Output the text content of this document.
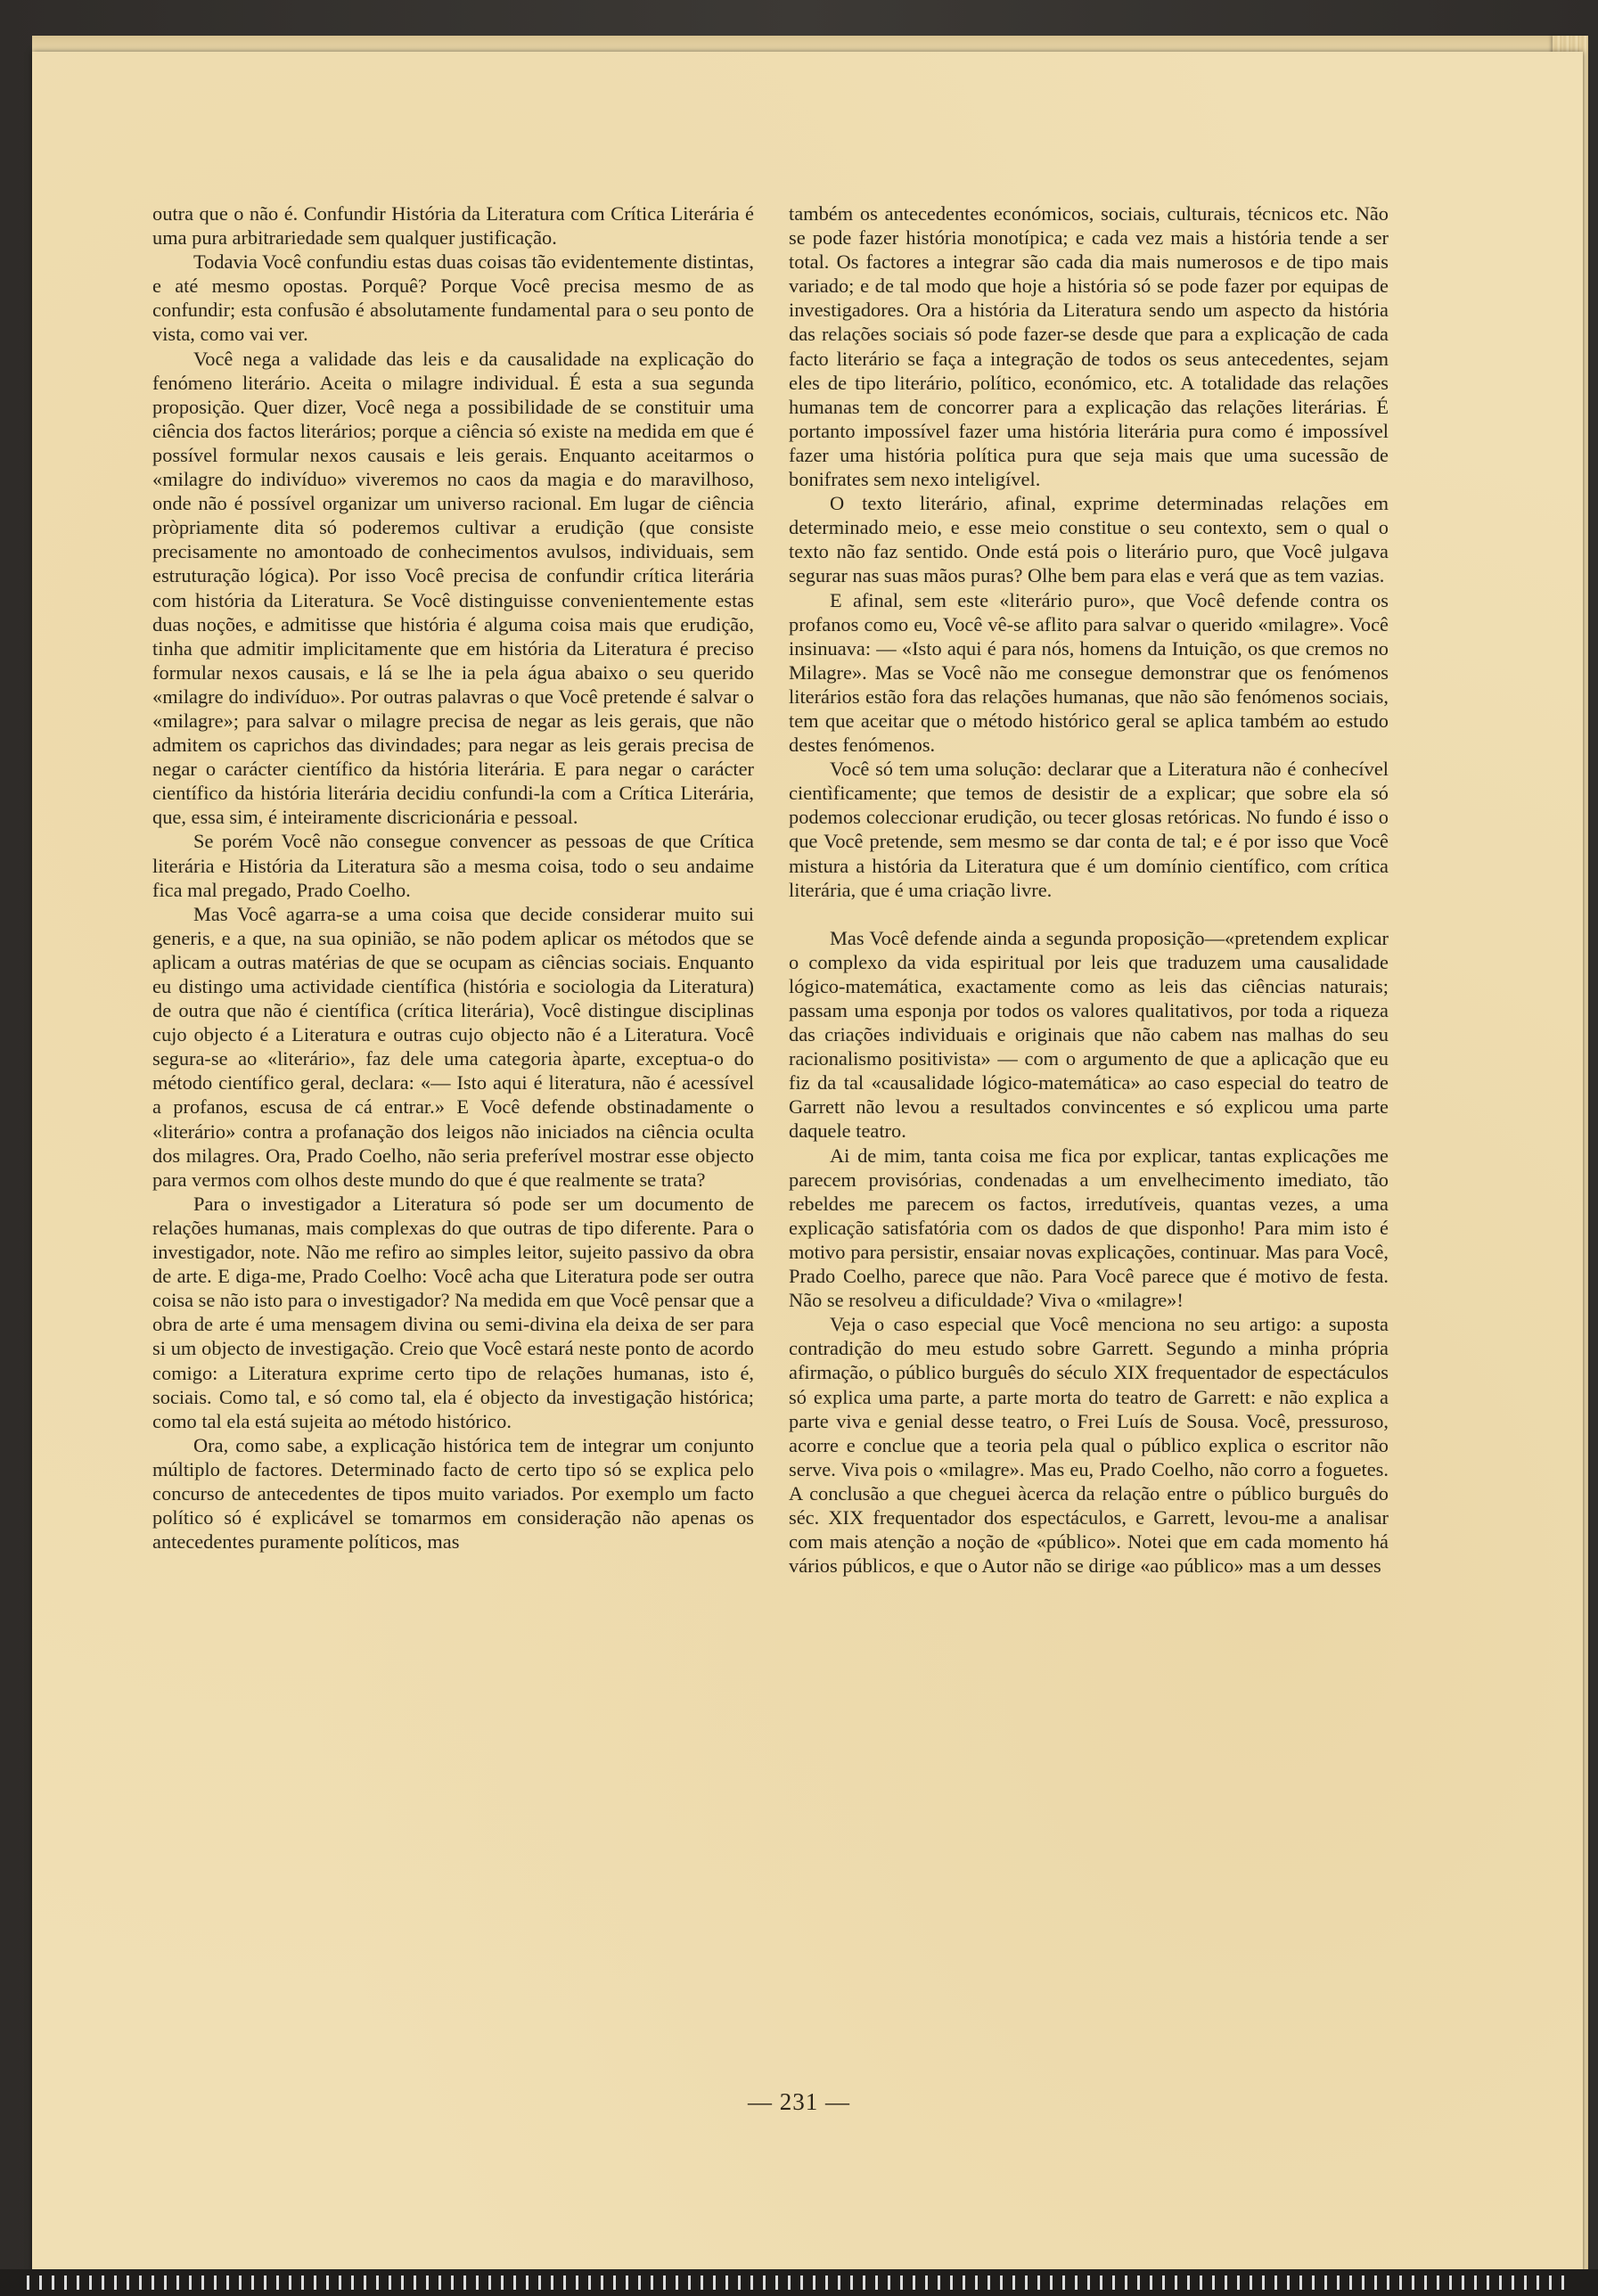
outra que o não é. Confundir História da Literatura com Crítica Literária é uma pura arbitrariedade sem qualquer justificação.

Todavia Você confundiu estas duas coisas tão evidentemente distintas, e até mesmo opostas. Porquê? Porque Você precisa mesmo de as confundir; esta confusão é absolutamente fundamental para o seu ponto de vista, como vai ver.

Você nega a validade das leis e da causalidade na explicação do fenómeno literário. Aceita o milagre individual. É esta a sua segunda proposição. Quer dizer, Você nega a possibilidade de se constituir uma ciência dos factos literários; porque a ciência só existe na medida em que é possível formular nexos causais e leis gerais. Enquanto aceitarmos o «milagre do indivíduo» viveremos no caos da magia e do maravilhoso, onde não é possível organizar um universo racional. Em lugar de ciência pròpriamente dita só poderemos cultivar a erudição (que consiste precisamente no amontoado de conhecimentos avulsos, individuais, sem estruturação lógica). Por isso Você precisa de confundir crítica literária com história da Literatura. Se Você distinguisse convenientemente estas duas noções, e admitisse que história é alguma coisa mais que erudição, tinha que admitir implicitamente que em história da Literatura é preciso formular nexos causais, e lá se lhe ia pela água abaixo o seu querido «milagre do indivíduo». Por outras palavras o que Você pretende é salvar o «milagre»; para salvar o milagre precisa de negar as leis gerais, que não admitem os caprichos das divindades; para negar as leis gerais precisa de negar o carácter científico da história literária. E para negar o carácter científico da história literária decidiu confundi-la com a Crítica Literária, que, essa sim, é inteiramente discricionária e pessoal.

Se porém Você não consegue convencer as pessoas de que Crítica literária e História da Literatura são a mesma coisa, todo o seu andaime fica mal pregado, Prado Coelho.

Mas Você agarra-se a uma coisa que decide considerar muito sui generis, e a que, na sua opinião, se não podem aplicar os métodos que se aplicam a outras matérias de que se ocupam as ciências sociais. Enquanto eu distingo uma actividade científica (história e sociologia da Literatura) de outra que não é científica (crítica literária), Você distingue disciplinas cujo objecto é a Literatura e outras cujo objecto não é a Literatura. Você segura-se ao «literário», faz dele uma categoria àparte, exceptua-o do método científico geral, declara: «— Isto aqui é literatura, não é acessível a profanos, escusa de cá entrar.» E Você defende obstinadamente o «literário» contra a profanação dos leigos não iniciados na ciência oculta dos milagres. Ora, Prado Coelho, não seria preferível mostrar esse objecto para vermos com olhos deste mundo do que é que realmente se trata?

Para o investigador a Literatura só pode ser um documento de relações humanas, mais complexas do que outras de tipo diferente. Para o investigador, note. Não me refiro ao simples leitor, sujeito passivo da obra de arte. E diga-me, Prado Coelho: Você acha que Literatura pode ser outra coisa se não isto para o investigador? Na medida em que Você pensar que a obra de arte é uma mensagem divina ou semi-divina ela deixa de ser para si um objecto de investigação. Creio que Você estará neste ponto de acordo comigo: a Literatura exprime certo tipo de relações humanas, isto é, sociais. Como tal, e só como tal, ela é objecto da investigação histórica; como tal ela está sujeita ao método histórico.

Ora, como sabe, a explicação histórica tem de integrar um conjunto múltiplo de factores. Determinado facto de certo tipo só se explica pelo concurso de antecedentes de tipos muito variados. Por exemplo um facto político só é explicável se tomarmos em consideração não apenas os antecedentes puramente políticos, mas

também os antecedentes económicos, sociais, culturais, técnicos etc. Não se pode fazer história monotípica; e cada vez mais a história tende a ser total. Os factores a integrar são cada dia mais numerosos e de tipo mais variado; e de tal modo que hoje a história só se pode fazer por equipas de investigadores. Ora a história da Literatura sendo um aspecto da história das relações sociais só pode fazer-se desde que para a explicação de cada facto literário se faça a integração de todos os seus antecedentes, sejam eles de tipo literário, político, económico, etc. A totalidade das relações humanas tem de concorrer para a explicação das relações literárias. É portanto impossível fazer uma história literária pura como é impossível fazer uma história política pura que seja mais que uma sucessão de bonifrates sem nexo inteligível.

O texto literário, afinal, exprime determinadas relações em determinado meio, e esse meio constitue o seu contexto, sem o qual o texto não faz sentido. Onde está pois o literário puro, que Você julgava segurar nas suas mãos puras? Olhe bem para elas e verá que as tem vazias.

E afinal, sem este «literário puro», que Você defende contra os profanos como eu, Você vê-se aflito para salvar o querido «milagre». Você insinuava: — «Isto aqui é para nós, homens da Intuição, os que cremos no Milagre». Mas se Você não me consegue demonstrar que os fenómenos literários estão fora das relações humanas, que não são fenómenos sociais, tem que aceitar que o método histórico geral se aplica também ao estudo destes fenómenos.

Você só tem uma solução: declarar que a Literatura não é conhecível cientìficamente; que temos de desistir de a explicar; que sobre ela só podemos coleccionar erudição, ou tecer glosas retóricas. No fundo é isso o que Você pretende, sem mesmo se dar conta de tal; e é por isso que Você mistura a história da Literatura que é um domínio científico, com crítica literária, que é uma criação livre.

Mas Você defende ainda a segunda proposição—«pretendem explicar o complexo da vida espiritual por leis que traduzem uma causalidade lógico-matemática, exactamente como as leis das ciências naturais; passam uma esponja por todos os valores qualitativos, por toda a riqueza das criações individuais e originais que não cabem nas malhas do seu racionalismo positivista» — com o argumento de que a aplicação que eu fiz da tal «causalidade lógico-matemática» ao caso especial do teatro de Garrett não levou a resultados convincentes e só explicou uma parte daquele teatro.

Ai de mim, tanta coisa me fica por explicar, tantas explicações me parecem provisórias, condenadas a um envelhecimento imediato, tão rebeldes me parecem os factos, irredutíveis, quantas vezes, a uma explicação satisfatória com os dados de que disponho! Para mim isto é motivo para persistir, ensaiar novas explicações, continuar. Mas para Você, Prado Coelho, parece que não. Para Você parece que é motivo de festa. Não se resolveu a dificuldade? Viva o «milagre»!

Veja o caso especial que Você menciona no seu artigo: a suposta contradição do meu estudo sobre Garrett. Segundo a minha própria afirmação, o público burguês do século XIX frequentador de espectáculos só explica uma parte, a parte morta do teatro de Garrett: e não explica a parte viva e genial desse teatro, o Frei Luís de Sousa. Você, pressuroso, acorre e conclue que a teoria pela qual o público explica o escritor não serve. Viva pois o «milagre». Mas eu, Prado Coelho, não corro a foguetes. A conclusão a que cheguei àcerca da relação entre o público burguês do séc. XIX frequentador dos espectáculos, e Garrett, levou-me a analisar com mais atenção a noção de «público». Notei que em cada momento há vários públicos, e que o Autor não se dirige «ao público» mas a um desses

— 231 —
